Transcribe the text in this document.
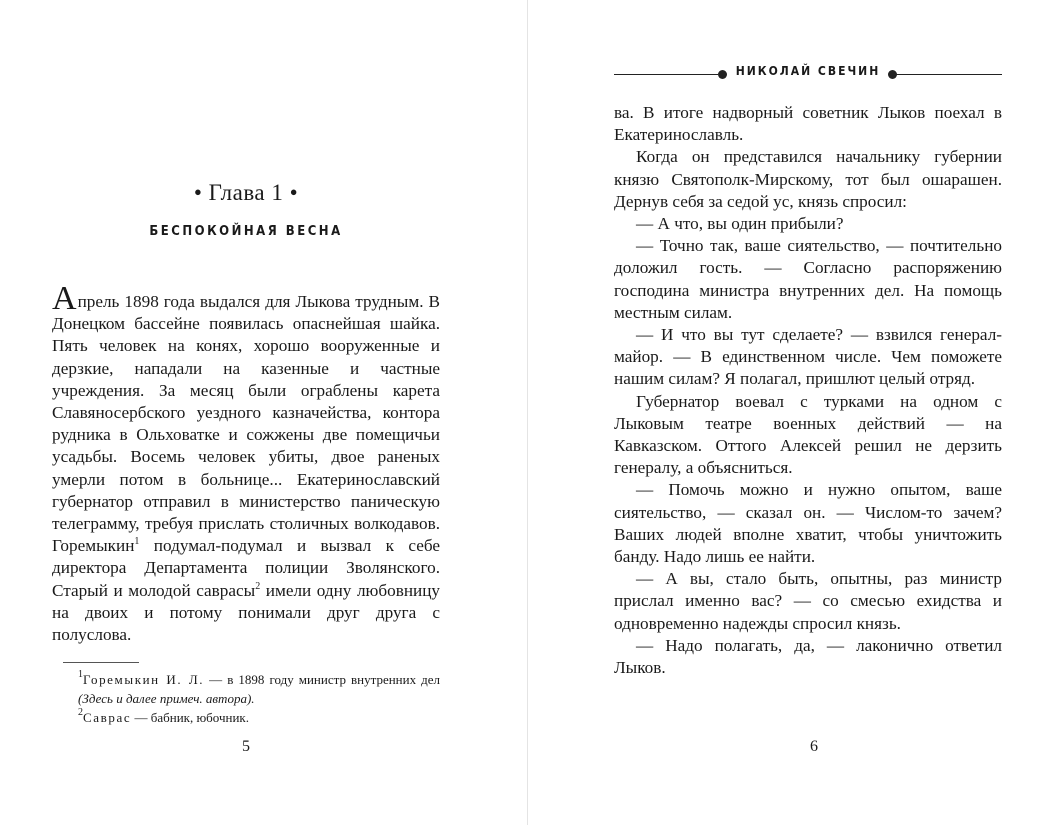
• Глава 1 •
БЕСПОКОЙНАЯ ВЕСНА

Апрель 1898 года выдался для Лыкова трудным. В Донецком бассейне появилась опаснейшая шайка. Пять человек на конях, хорошо вооруженные и дерзкие, нападали на казенные и частные учреждения. За месяц были ограблены карета Славяносербского уездного казначейства, контора рудника в Ольховатке и сожжены две помещичьи усадьбы. Восемь человек убиты, двое раненых умерли потом в больнице... Екатеринославский губернатор отправил в министерство паническую телеграмму, требуя прислать столичных волкодавов. Горемыкин$^1$ подумал-подумал и вызвал к себе директора Департамента полиции Зволянского. Старый и молодой саврасы$^2$ имели одну любовницу на двоих и потому понимали друг друга с полуслова.

$^1$Горемыкин И. Л. — в 1898 году министр внутренних дел (Здесь и далее примеч. автора).

$^2$Саврас — бабник, юбочник.

5
НИКОЛАЙ СВЕЧИН

ва. В итоге надворный советник Лыков поехал в Екатеринославль.

Когда он представился начальнику губернии князю Святополк-Мирскому, тот был ошарашен. Дернув себя за седой ус, князь спросил:

— А что, вы один прибыли?

— Точно так, ваше сиятельство, — почтительно доложил гость. — Согласно распоряжению господина министра внутренних дел. На помощь местным силам.

— И что вы тут сделаете? — взвился генерал-майор. — В единственном числе. Чем поможете нашим силам? Я полагал, пришлют целый отряд.

Губернатор воевал с турками на одном с Лыковым театре военных действий — на Кавказском. Оттого Алексей решил не дерзить генералу, а объясниться.

— Помочь можно и нужно опытом, ваше сиятельство, — сказал он. — Числом-то зачем? Ваших людей вполне хватит, чтобы уничтожить банду. Надо лишь ее найти.

— А вы, стало быть, опытны, раз министр прислал именно вас? — со смесью ехидства и одновременно надежды спросил князь.

— Надо полагать, да, — лаконично ответил Лыков.

6
